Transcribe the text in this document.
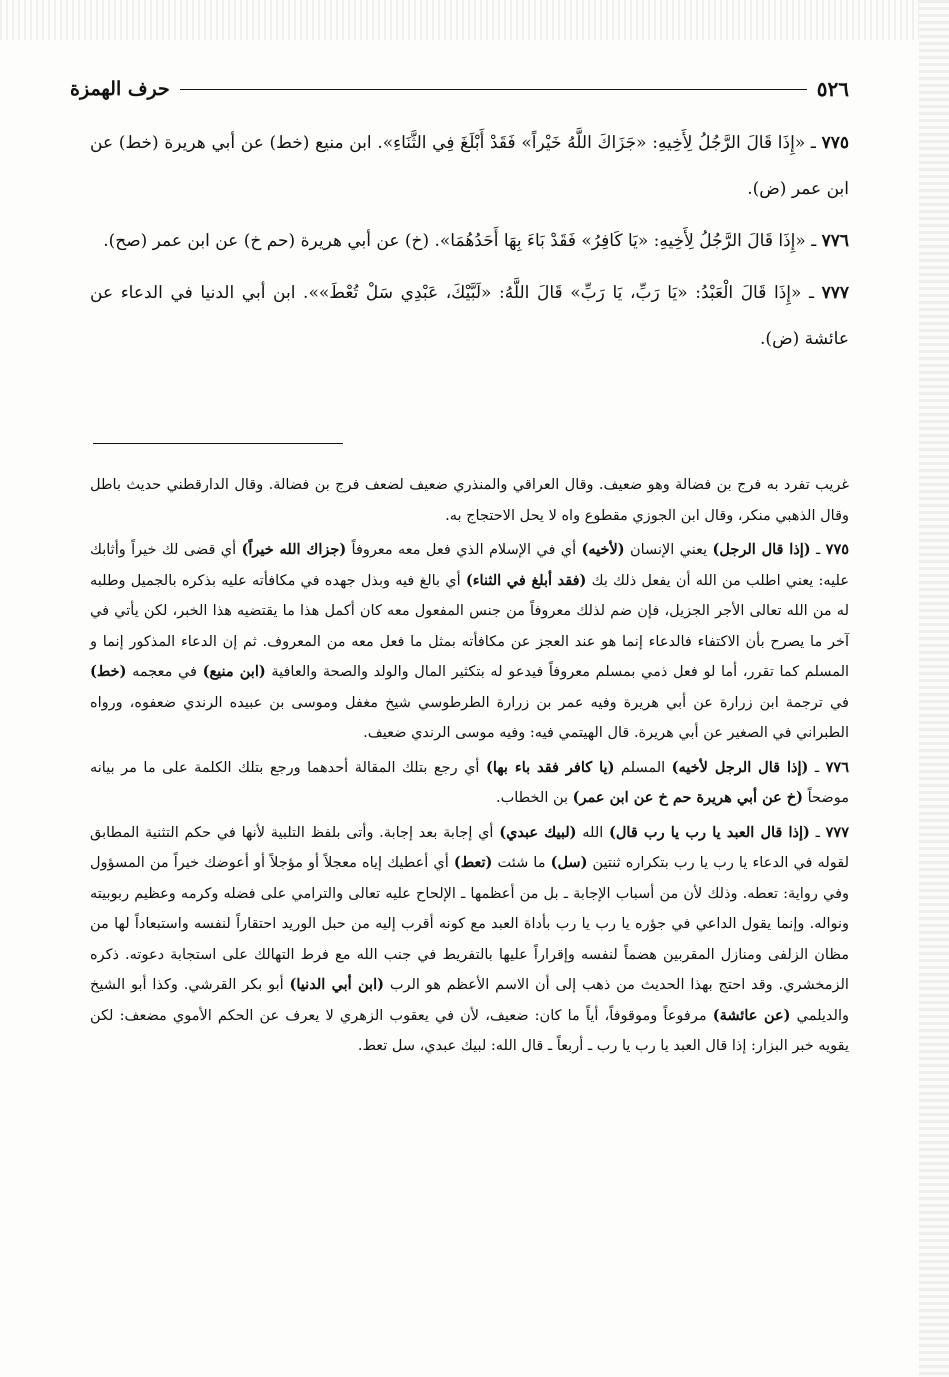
حرف الهمزة	٥٢٦

٧٧٥ ـ «إِذَا قَالَ الرَّجُلُ لِأَخِيهِ: «جَزَاكَ اللَّهُ خَيْراً» فَقَدْ أَبْلَغَ فِي الثَّنَاءِ». ابن منيع (خط) عن أبي هريرة (خط) عن ابن عمر (ض).

٧٧٦ ـ «إِذَا قَالَ الرَّجُلُ لِأَخِيهِ: «يَا كَافِرُ» فَقَدْ بَاءَ بِهَا أَحَدُهُمَا». (خ) عن أبي هريرة (حم خ) عن ابن عمر (صح).

٧٧٧ ـ «إِذَا قَالَ الْعَبْدُ: «يَا رَبِّ، يَا رَبِّ» قَالَ اللَّهُ: «لَبَّيْكَ، عَبْدِي سَلْ تُعْطَ»». ابن أبي الدنيا في الدعاء عن عائشة (ض).

غريب تفرد به فرج بن فضالة وهو ضعيف. وقال العراقي والمنذري ضعيف لضعف فرج بن فضالة. وقال الدارقطني حديث باطل وقال الذهبي منكر، وقال ابن الجوزي مقطوع واه لا يحل الاحتجاج به.

٧٧٥ ـ (إذا قال الرجل) يعني الإنسان (لأخيه) أي في الإسلام الذي فعل معه معروفاً (جزاك الله خيراً) أي قضى لك خيراً وأثابك عليه: يعني اطلب من الله أن يفعل ذلك بك (فقد أبلغ في الثناء) أي بالغ فيه وبذل جهده في مكافأته عليه بذكره بالجميل وطلبه له من الله تعالى الأجر الجزيل، فإن ضم لذلك معروفاً من جنس المفعول معه كان أكمل هذا ما يقتضيه هذا الخبر، لكن يأتي في آخر ما يصرح بأن الاكتفاء فالدعاء إنما هو عند العجز عن مكافأته بمثل ما فعل معه من المعروف. ثم إن الدعاء المذكور إنما و المسلم كما تقرر، أما لو فعل ذمي بمسلم معروفاً فيدعو له بتكثير المال والولد والصحة والعافية (ابن منيع) في معجمه (خط) في ترجمة ابن زرارة عن أبي هريرة وفيه عمر بن زرارة الطرطوسي شيخ مغفل وموسى بن عبيده الرندي ضعفوه، ورواه الطبراني في الصغير عن أبي هريرة. قال الهيتمي فيه: وفيه موسى الرندي ضعيف.

٧٧٦ ـ (إذا قال الرجل لأخيه) المسلم (يا كافر فقد باء بها) أي رجع بتلك المقالة أحدهما ورجع بتلك الكلمة على ما مر بيانه موضحاً (خ عن أبي هريرة حم خ عن ابن عمر) بن الخطاب.

٧٧٧ ـ (إذا قال العبد يا رب يا رب قال) الله (لبيك عبدي) أي إجابة بعد إجابة. وأتى بلفظ التلبية لأنها في حكم التثنية المطابق لقوله في الدعاء يا رب يا رب بتكراره ثنتين (سل) ما شئت (تعط) أي أعطيك إياه معجلاً أو مؤجلاً أو أعوضك خيراً من المسؤول وفي رواية: تعطه. وذلك لأن من أسباب الإجابة ـ بل من أعظمها ـ الإلحاح عليه تعالى والترامي على فضله وكرمه وعظيم ربوبيته ونواله. وإنما يقول الداعي في جؤره يا رب يا رب بأداة العبد مع كونه أقرب إليه من حبل الوريد احتقاراً لنفسه واستبعاداً لها من مظان الزلفى ومنازل المقربين هضماً لنفسه وإقراراً عليها بالتفريط في جنب الله مع فرط التهالك على استجابة دعوته. ذكره الزمخشري. وقد احتج بهذا الحديث من ذهب إلى أن الاسم الأعظم هو الرب (ابن أبي الدنيا) أبو بكر القرشي. وكذا أبو الشيخ والديلمي (عن عائشة) مرفوعاً وموقوفاً، أياً ما كان: ضعيف، لأن في يعقوب الزهري لا يعرف عن الحكم الأموي مضعف: لكن يقويه خبر البزار: إذا قال العبد يا رب يا رب ـ أربعاً ـ قال الله: لبيك عبدي، سل تعط.
